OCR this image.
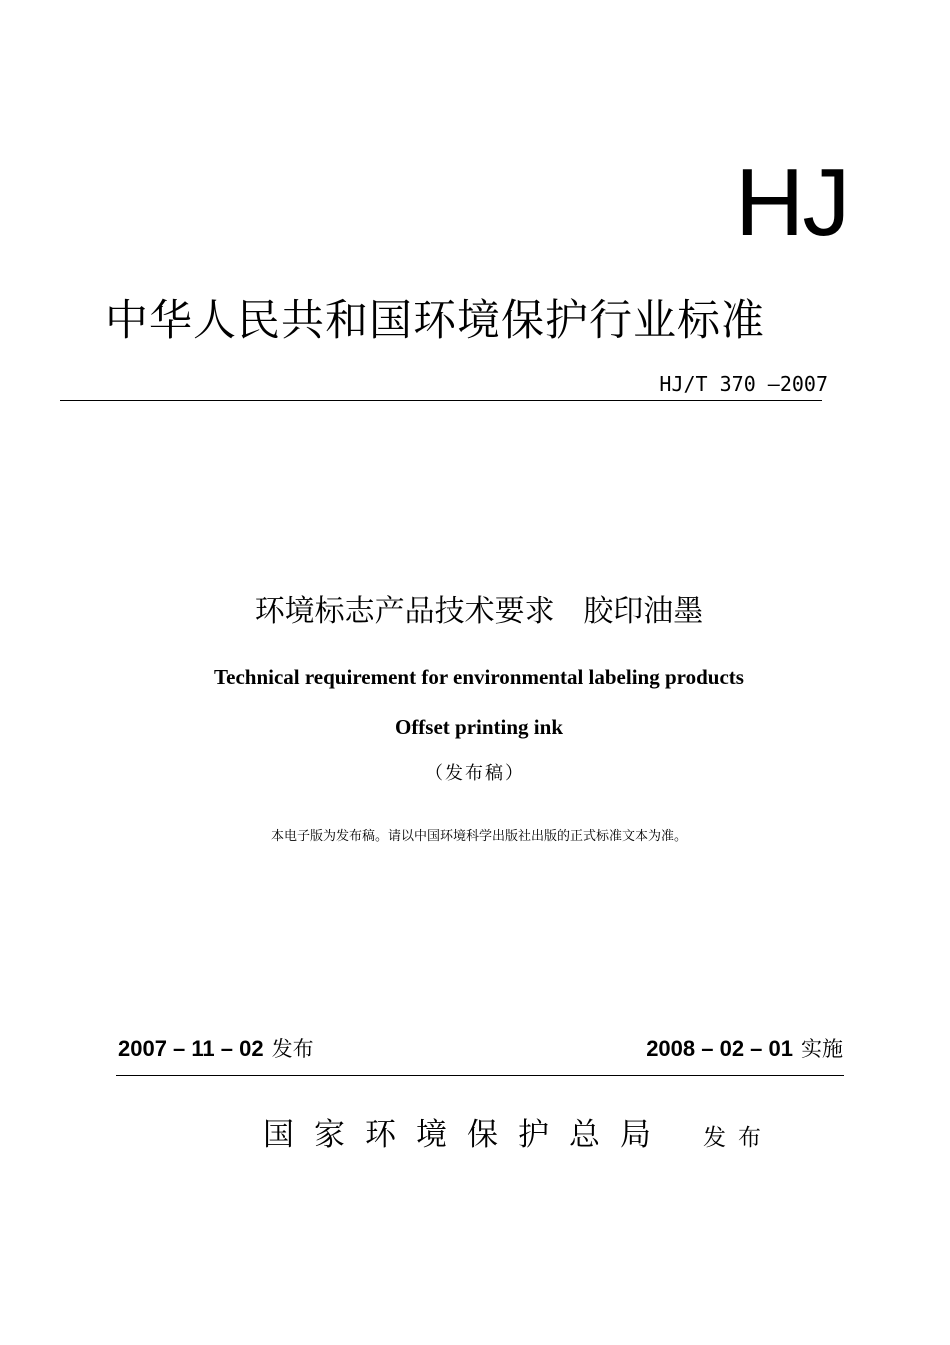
HJ
中华人民共和国环境保护行业标准
HJ/T 370 —2007
环境标志产品技术要求   胶印油墨
Technical requirement for environmental labeling products
Offset printing ink
（发布稿）
本电子版为发布稿。请以中国环境科学出版社出版的正式标准文本为准。
2007 – 11 – 02 发布	2008 – 02 – 01 实施
国家环境保护总局 发布
